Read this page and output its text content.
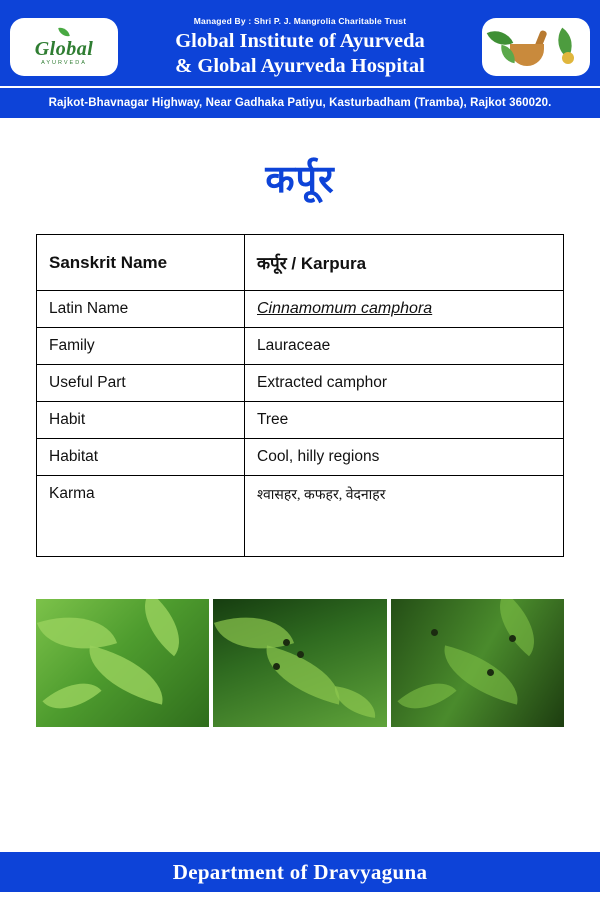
Global
AYURVEDA
Managed By : Shri P. J. Mangrolia Charitable Trust
Global Institute of Ayurveda
& Global Ayurveda Hospital
Rajkot-Bhavnagar Highway, Near Gadhaka Patiyu, Kasturbadham (Tramba), Rajkot 360020.
कर्पूर
Sanskrit Name	कर्पूर / Karpura
Latin Name	Cinnamomum camphora
Family	Lauraceae
Useful Part	Extracted camphor
Habit	Tree
Habitat	Cool, hilly regions
Karma	श्वासहर, कफहर, वेदनाहर
Department of Dravyaguna
